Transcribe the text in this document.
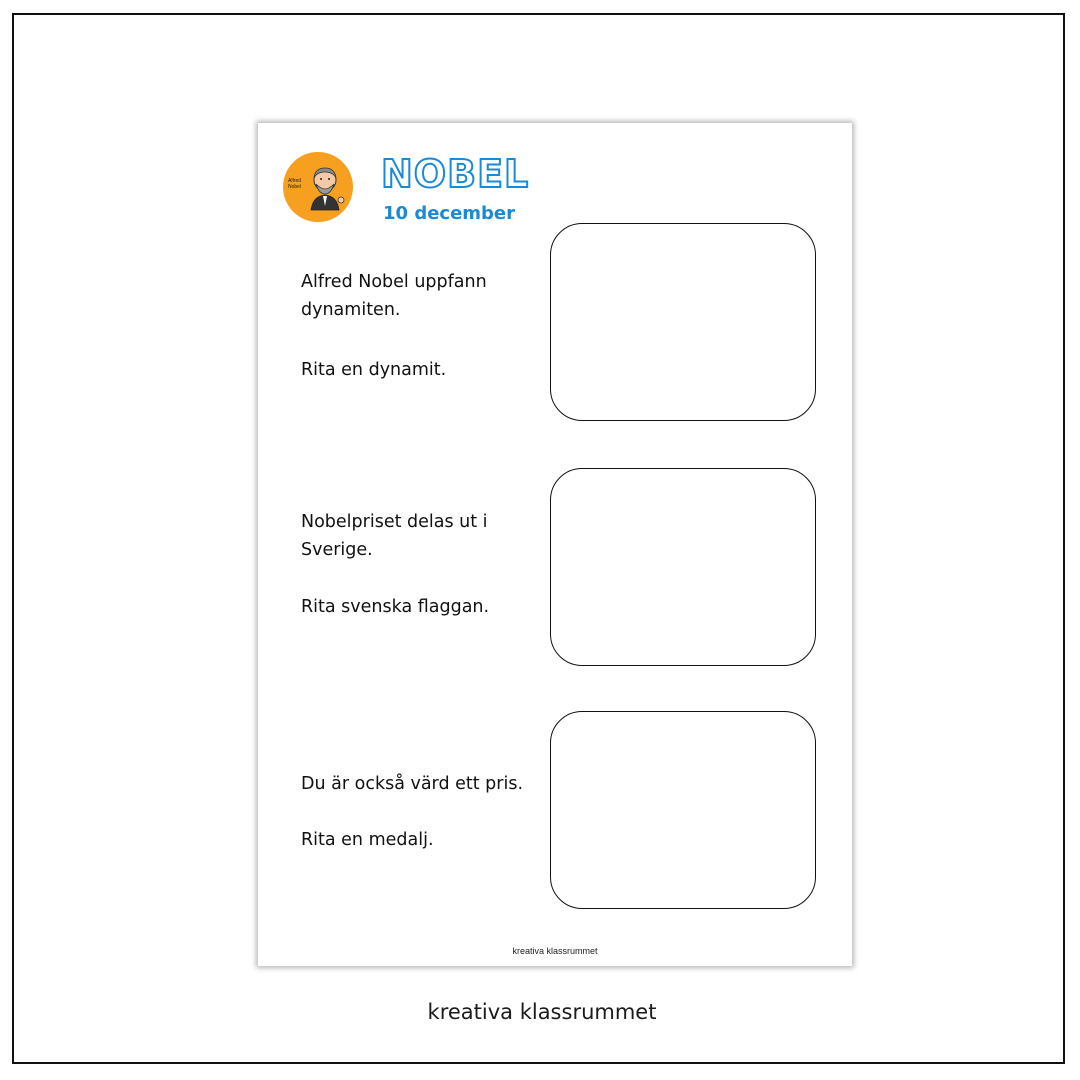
Alfred Nobel NOBEL
10 december

Alfred Nobel uppfann dynamiten.

Rita en dynamit.

Nobelpriset delas ut i Sverige.

Rita svenska flaggan.

Du är också värd ett pris.

Rita en medalj.

kreativa klassrummet
kreativa klassrummet
